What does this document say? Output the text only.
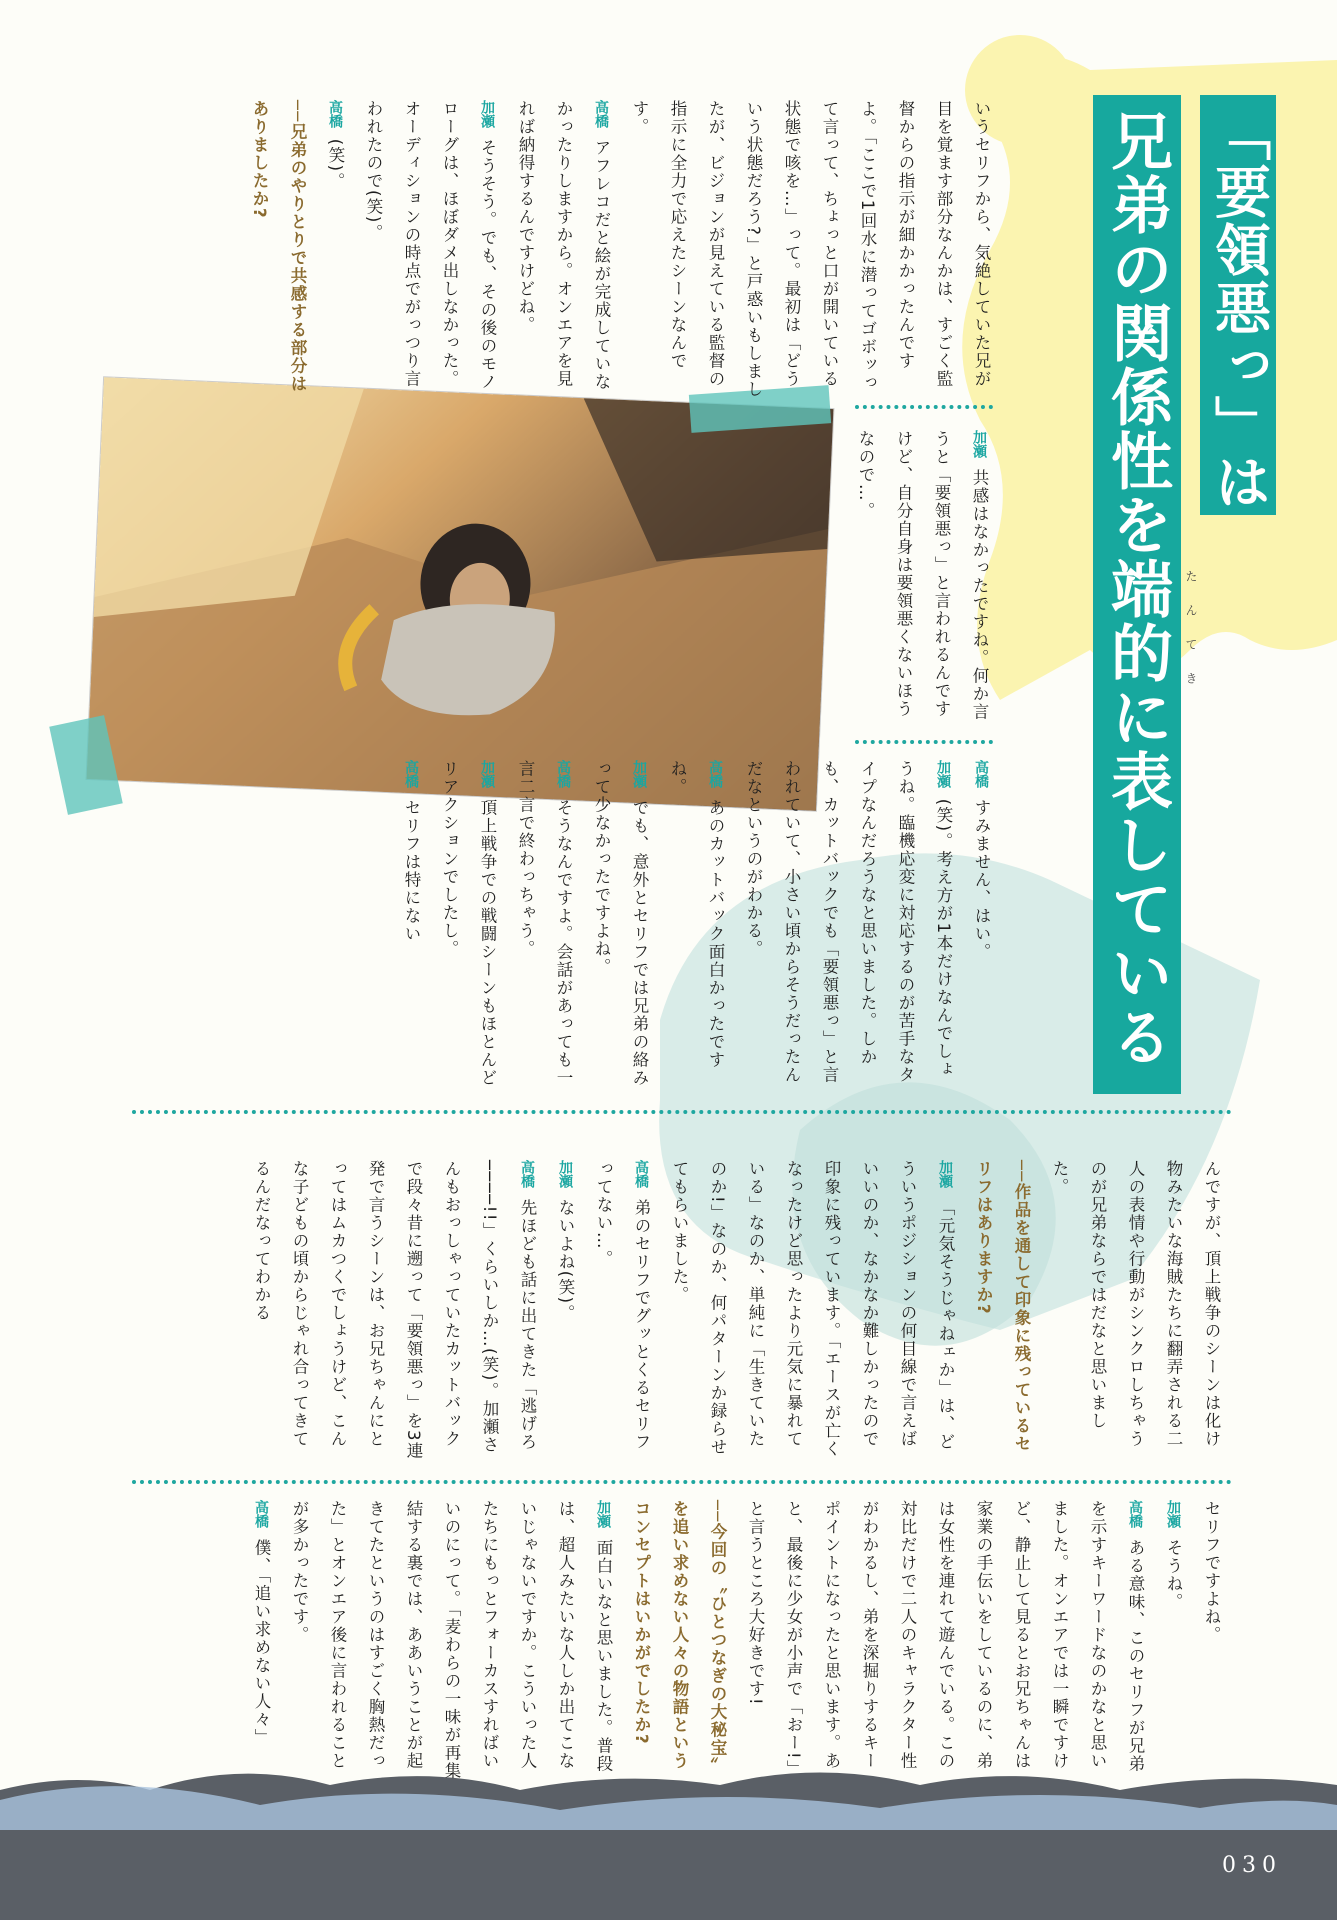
「要領悪っ」は
兄弟の関係性を端的に表している たんてき

いうセリフから、気絶していた兄が目を覚ます部分なんかは、すごく監督からの指示が細かかったんですよ。「ここで1回水に潜ってゴボッって言って、ちょっと口が開いている状態で咳を…」って。最初は「どういう状態だろう?」と戸惑いもしましたが、ビジョンが見えている監督の指示に全力で応えたシーンなんです。

高橋 アフレコだと絵が完成していなかったりしますから。オンエアを見れば納得するんですけどね。

加瀬 そうそう。でも、その後のモノローグは、ほぼダメ出しなかった。オーディションの時点でがっつり言われたので(笑)。

高橋 (笑)。

──兄弟のやりとりで共感する部分はありましたか?

加瀬 共感はなかったですね。何か言うと「要領悪っ」と言われるんですけど、自分自身は要領悪くないほうなので…。

高橋 すみません、はい。

加瀬 (笑)。考え方が1本だけなんでしょうね。臨機応変に対応するのが苦手なタイプなんだろうなと思いました。しかも、カットバックでも「要領悪っ」と言われていて、小さい頃からそうだったんだなというのがわかる。

高橋 あのカットバック面白かったですね。

加瀬 でも、意外とセリフでは兄弟の絡みって少なかったですよね。

高橋 そうなんですよ。会話があっても一言二言で終わっちゃう。

加瀬 頂上戦争での戦闘シーンもほとんどリアクションでしたし。

高橋 セリフは特にない

んですが、頂上戦争のシーンは化け物みたいな海賊たちに翻弄される二人の表情や行動がシンクロしちゃうのが兄弟ならではだなと思いました。

──作品を通して印象に残っているセリフはありますか?

加瀬 「元気そうじゃねェか」は、どういうポジションの何目線で言えばいいのか、なかなか難しかったので印象に残っています。「エースが亡くなったけど思ったより元気に暴れている」なのか、単純に「生きていたのか!」なのか、何パターンか録らせてもらいました。

高橋 弟のセリフでグッとくるセリフってない…。

加瀬 ないよね(笑)。

高橋 先ほども話に出てきた「逃げろ────!!」くらいしか…(笑)。加瀬さんもおっしゃっていたカットバックで段々昔に遡って「要領悪っ」を3連発で言うシーンは、お兄ちゃんにとってはムカつくでしょうけど、こんな子どもの頃からじゃれ合ってきてるんだなってわかる

セリフですよね。

加瀬 そうね。

高橋 ある意味、このセリフが兄弟を示すキーワードなのかなと思いました。オンエアでは一瞬ですけど、静止して見るとお兄ちゃんは家業の手伝いをしているのに、弟は女性を連れて遊んでいる。この対比だけで二人のキャラクター性がわかるし、弟を深掘りするキーポイントになったと思います。あと、最後に少女が小声で「おー!」と言うところ大好きです!

──今回の〝ひとつなぎの大秘宝〟を追い求めない人々の物語というコンセプトはいかがでしたか?

加瀬 面白いなと思いました。普段は、超人みたいな人しか出てこないじゃないですか。こういった人たちにもっとフォーカスすればいいのにって。「麦わらの一味が再集結する裏では、ああいうことが起きてたというのはすごく胸熱だった」とオンエア後に言われることが多かったです。

高橋 僕、「追い求めない人々」

030
